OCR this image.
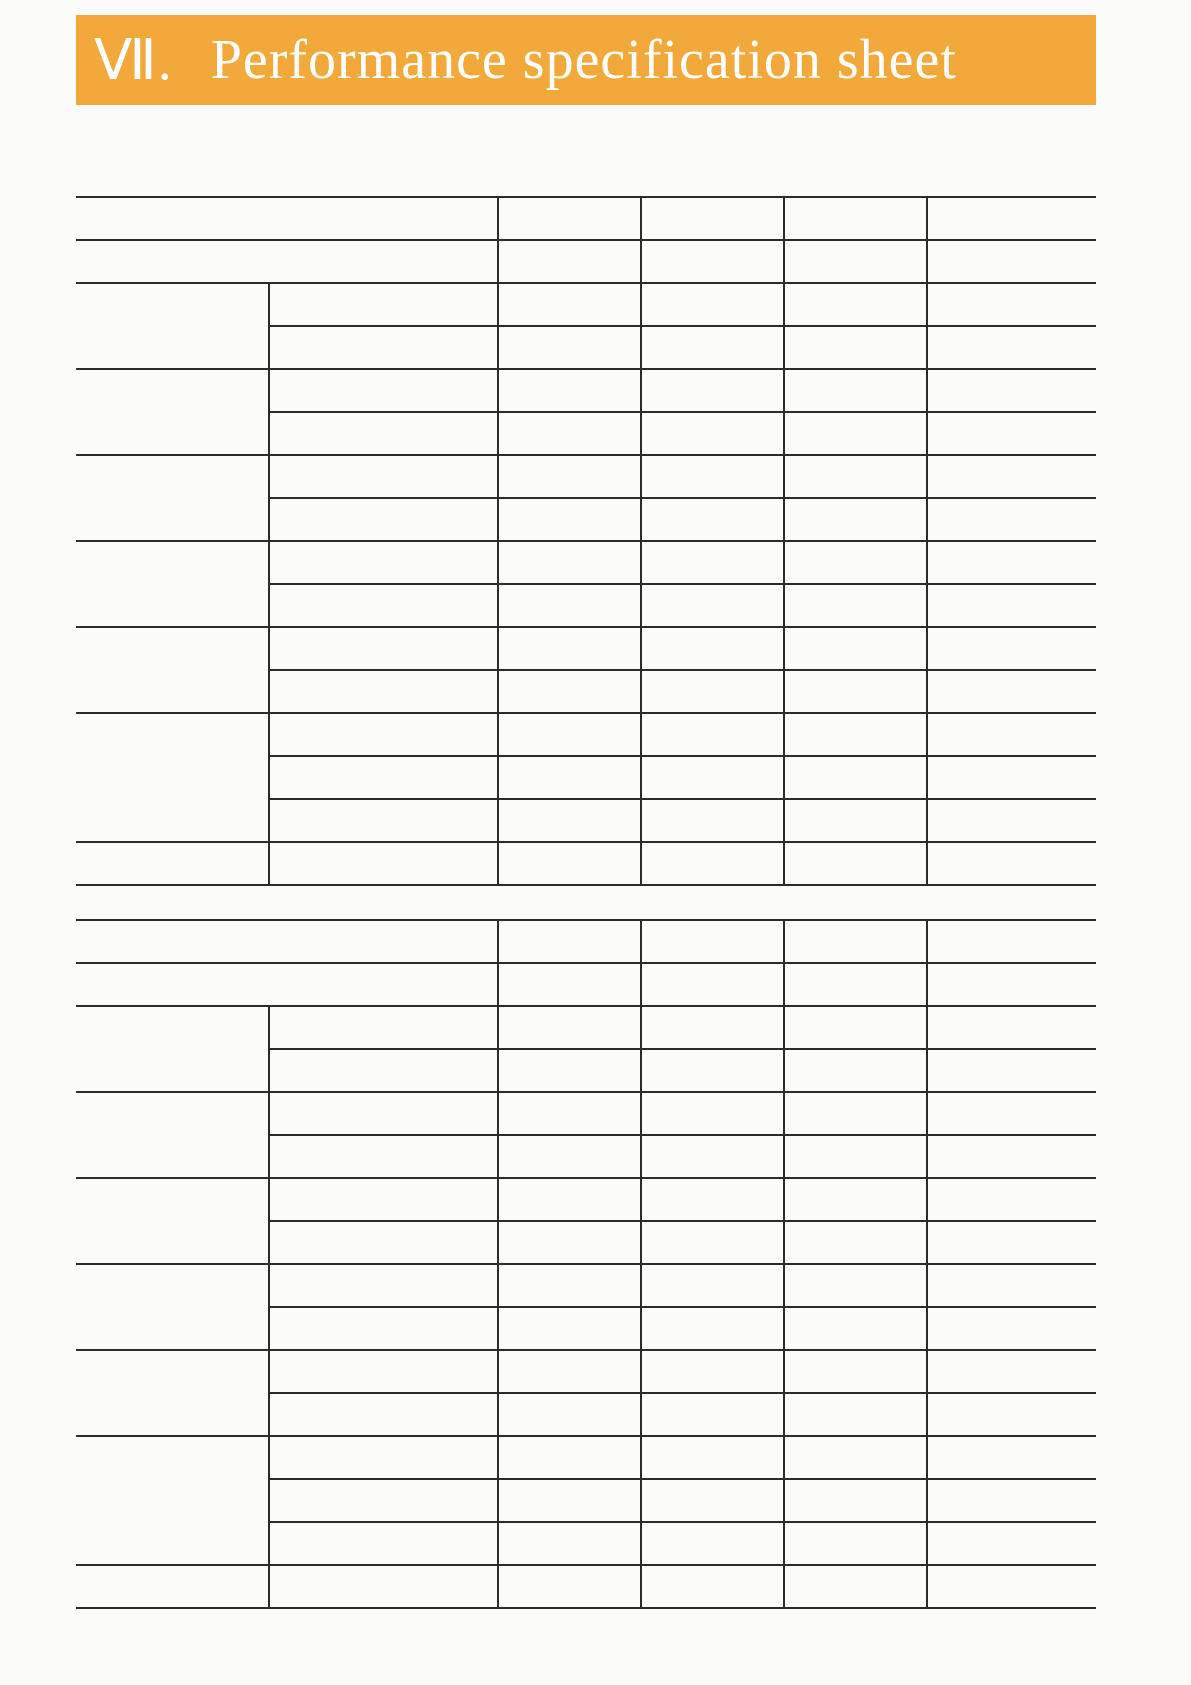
Ⅶ. Performance specification sheet
